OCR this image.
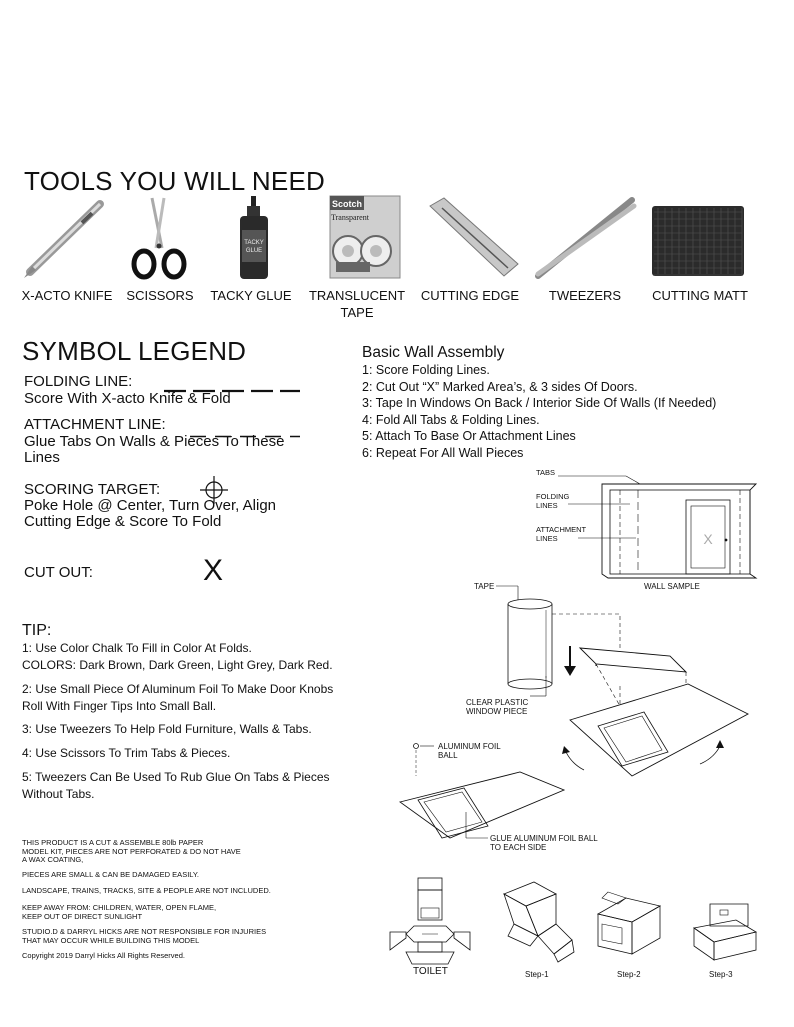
TOOLS YOU WILL NEED
TACKY
GLUE
Scotch
Transparent
X-ACTO KNIFE	SCISSORS	TACKY GLUE	TRANSLUCENT TAPE
CUTTING EDGE	TWEEZERS	CUTTING MATT
SYMBOL LEGEND
FOLDING LINE:
Score With X-acto Knife & Fold
ATTACHMENT LINE:
Glue Tabs On Walls & Pieces To These Lines
SCORING TARGET:
Poke Hole @ Center, Turn Over, Align Cutting Edge & Score To Fold
CUT OUT:	X
Basic Wall Assembly
1: Score Folding Lines.
2: Cut Out “X” Marked Area’s, & 3 sides Of Doors.
3: Tape In Windows On Back / Interior Side Of Walls (If Needed)
4: Fold All Tabs & Folding Lines.
5: Attach To Base Or Attachment Lines
6: Repeat For All Wall Pieces
TIP:
1: Use Color Chalk To Fill in Color At Folds.
COLORS: Dark Brown, Dark Green, Light Grey, Dark Red.
2: Use Small Piece Of Aluminum Foil To Make Door Knobs
Roll With Finger Tips Into Small Ball.
3: Use Tweezers To Help Fold Furniture, Walls & Tabs.
4: Use Scissors To Trim Tabs & Pieces.
5: Tweezers Can Be Used To Rub Glue On Tabs & Pieces
Without Tabs.
THIS PRODUCT IS A CUT & ASSEMBLE 80lb PAPER
MODEL KIT, PIECES ARE NOT PERFORATED & DO NOT HAVE
A WAX COATING,
PIECES ARE SMALL & CAN BE DAMAGED EASILY.
LANDSCAPE, TRAINS, TRACKS, SITE & PEOPLE ARE NOT INCLUDED.
KEEP AWAY FROM: CHILDREN, WATER, OPEN FLAME,
KEEP OUT OF DIRECT SUNLIGHT
STUDIO.D & DARRYL HICKS ARE NOT RESPONSIBLE FOR INJURIES
THAT MAY OCCUR WHILE BUILDING THIS MODEL
Copyright 2019 Darryl Hicks All Rights Reserved.
X
TABS
FOLDING
LINES
ATTACHMENT
LINES
WALL SAMPLE
TAPE
CLEAR PLASTIC
WINDOW PIECE
ALUMINUM FOIL
BALL
GLUE ALUMINUM FOIL BALL
TO EACH SIDE
TOILET	Step-1	Step-2	Step-3
